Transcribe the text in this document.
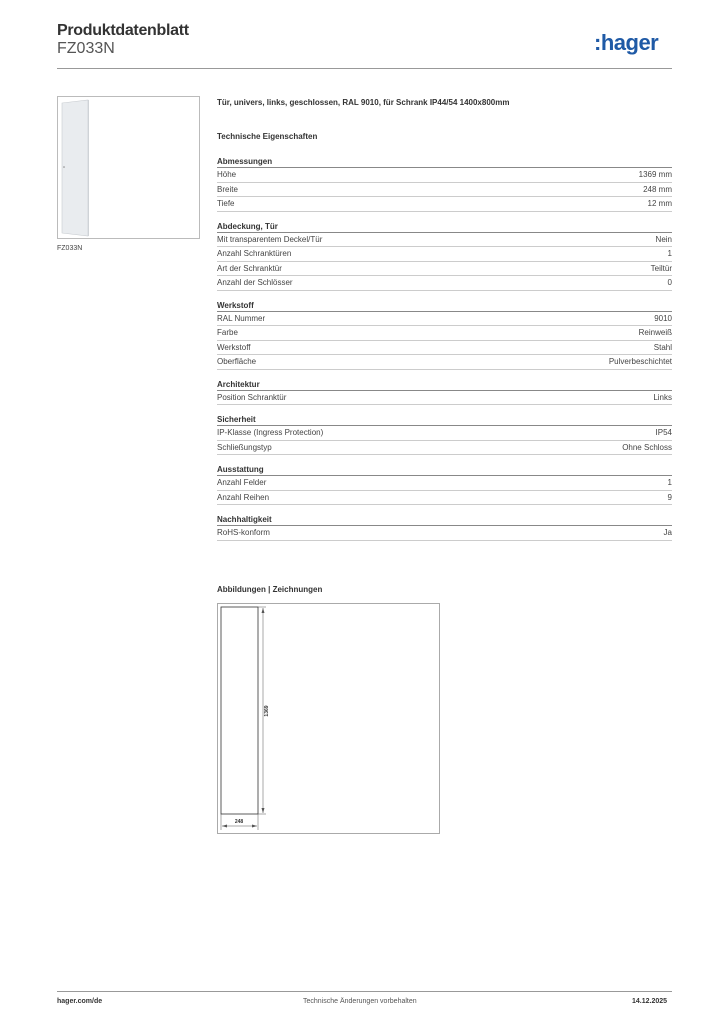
Produktdatenblatt
FZ033N	:hager
FZ033N
Tür, univers, links, geschlossen, RAL 9010, für Schrank IP44/54 1400x800mm
Technische Eigenschaften
Abmessungen
Höhe	1369 mm
Breite	248 mm
Tiefe	12 mm
Abdeckung, Tür
Mit transparentem Deckel/Tür	Nein
Anzahl Schranktüren	1
Art der Schranktür	Teiltür
Anzahl der Schlösser	0
Werkstoff
RAL Nummer	9010
Farbe	Reinweiß
Werkstoff	Stahl
Oberfläche	Pulverbeschichtet
Architektur
Position Schranktür	Links
Sicherheit
IP-Klasse (Ingress Protection)	IP54
Schließungstyp	Ohne Schloss
Ausstattung
Anzahl Felder	1
Anzahl Reihen	9
Nachhaltigkeit
RoHS-konform	Ja
Abbildungen | Zeichnungen
1369
248
hager.com/de	Technische Änderungen vorbehalten	14.12.2025
